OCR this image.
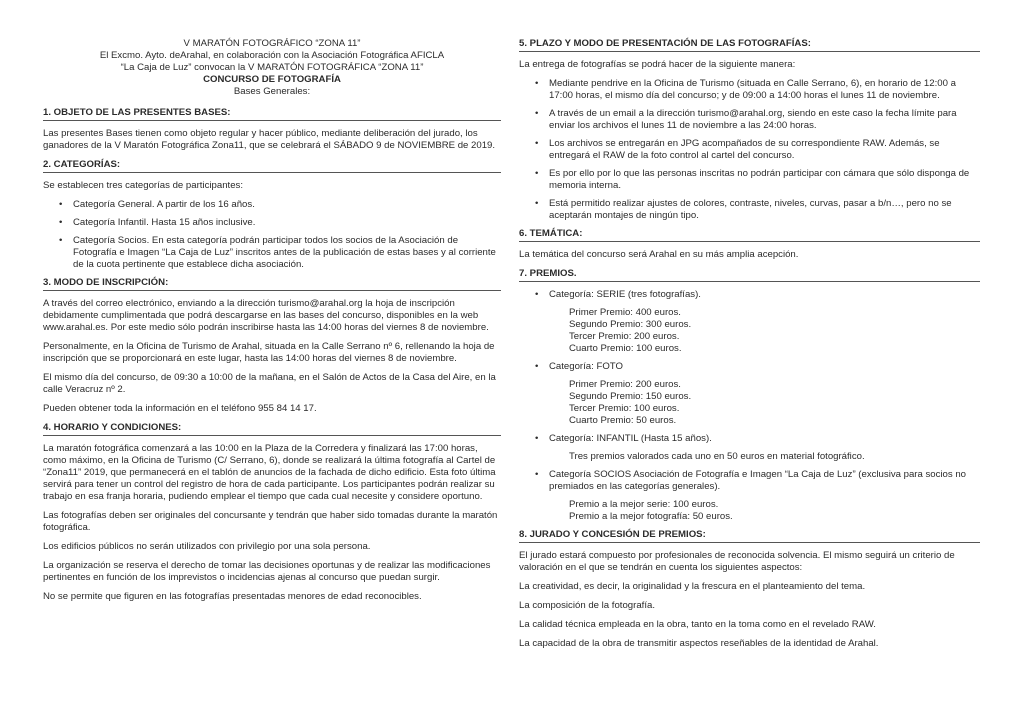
V MARATÓN FOTOGRÁFICO “ZONA 11”
El Excmo. Ayto. deArahal, en colaboración con la Asociación Fotográfica AFICLA
“La Caja de Luz” convocan la V MARATÓN FOTOGRÁFICA “ZONA 11”
CONCURSO DE FOTOGRAFÍA
Bases Generales:
1. OBJETO DE LAS PRESENTES BASES:

Las presentes Bases tienen como objeto regular y hacer público, mediante deliberación del jurado, los ganadores de la V Maratón Fotográfica Zona11, que se celebrará el SÁBADO 9 de NOVIEMBRE de 2019.

2. CATEGORÍAS:

Se establecen tres categorías de participantes:

• Categoría General. A partir de los 16 años.
• Categoría Infantil. Hasta 15 años inclusive.
• Categoría Socios. En esta categoría podrán participar todos los socios de la Asociación de Fotografía e Imagen “La Caja de Luz” inscritos antes de la publicación de estas bases y al corriente de la cuota pertinente que establece dicha asociación.
3. MODO DE INSCRIPCIÓN:

A través del correo electrónico, enviando a la dirección turismo@arahal.org la hoja de inscripción debidamente cumplimentada que podrá descargarse en las bases del concurso, disponibles en la web www.arahal.es. Por este medio sólo podrán inscribirse hasta las 14:00 horas del viernes 8 de noviembre.

Personalmente, en la Oficina de Turismo de Arahal, situada en la Calle Serrano nº 6, rellenando la hoja de inscripción que se proporcionará en este lugar, hasta las 14:00 horas del viernes 8 de noviembre.

El mismo día del concurso, de 09:30 a 10:00 de la mañana, en el Salón de Actos de la Casa del Aire, en la calle Veracruz nº 2.

Pueden obtener toda la información en el teléfono 955 84 14 17.

4. HORARIO Y CONDICIONES:

La maratón fotográfica comenzará a las 10:00 en la Plaza de la Corredera y finalizará las 17:00 horas, como máximo, en la Oficina de Turismo (C/ Serrano, 6), donde se realizará la última fotografía al Cartel de “Zona11” 2019, que permanecerá en el tablón de anuncios de la fachada de dicho edificio. Esta foto última servirá para tener un control del registro de hora de cada participante. Los participantes podrán realizar su trabajo en esa franja horaria, pudiendo emplear el tiempo que cada cual necesite y considere oportuno.

Las fotografías deben ser originales del concursante y tendrán que haber sido tomadas durante la maratón fotográfica.

Los edificios públicos no serán utilizados con privilegio por una sola persona.

La organización se reserva el derecho de tomar las decisiones oportunas y de realizar las modificaciones pertinentes en función de los imprevistos o incidencias ajenas al concurso que puedan surgir.

No se permite que figuren en las fotografías presentadas menores de edad reconocibles.

5. PLAZO Y MODO DE PRESENTACIÓN DE LAS FOTOGRAFÍAS:

La entrega de fotografías se podrá hacer de la siguiente manera:

• Mediante pendrive en la Oficina de Turismo (situada en Calle Serrano, 6), en horario de 12:00 a 17:00 horas, el mismo día del concurso; y de 09:00 a 14:00 horas el lunes 11 de noviembre.
• A través de un email a la dirección turismo@arahal.org, siendo en este caso la fecha límite para enviar los archivos el lunes 11 de noviembre a las 24:00 horas.
• Los archivos se entregarán en JPG acompañados de su correspondiente RAW. Además, se entregará el RAW de la foto control al cartel del concurso.
• Es por ello por lo que las personas inscritas no podrán participar con cámara que sólo disponga de memoria interna.
• Está permitido realizar ajustes de colores, contraste, niveles, curvas, pasar a b/n…, pero no se aceptarán montajes de ningún tipo.
6. TEMÁTICA:

La temática del concurso será Arahal en su más amplia acepción.

7. PREMIOS.
• Categoría: SERIE (tres fotografías).
Primer Premio: 400 euros.
Segundo Premio: 300 euros.
Tercer Premio: 200 euros.
Cuarto Premio: 100 euros.
• Categoría: FOTO
Primer Premio: 200 euros.
Segundo Premio: 150 euros.
Tercer Premio: 100 euros.
Cuarto Premio: 50 euros.
• Categoría: INFANTIL (Hasta 15 años).
Tres premios valorados cada uno en 50 euros en material fotográfico.
• Categoría SOCIOS Asociación de Fotografía e Imagen “La Caja de Luz” (exclusiva para socios no premiados en las categorías generales).
Premio a la mejor serie: 100 euros.
Premio a la mejor fotografía: 50 euros.
8. JURADO Y CONCESIÓN DE PREMIOS:

El jurado estará compuesto por profesionales de reconocida solvencia. El mismo seguirá un criterio de valoración en el que se tendrán en cuenta los siguientes aspectos:

La creatividad, es decir, la originalidad y la frescura en el planteamiento del tema.

La composición de la fotografía.

La calidad técnica empleada en la obra, tanto en la toma como en el revelado RAW.

La capacidad de la obra de transmitir aspectos reseñables de la identidad de Arahal.
